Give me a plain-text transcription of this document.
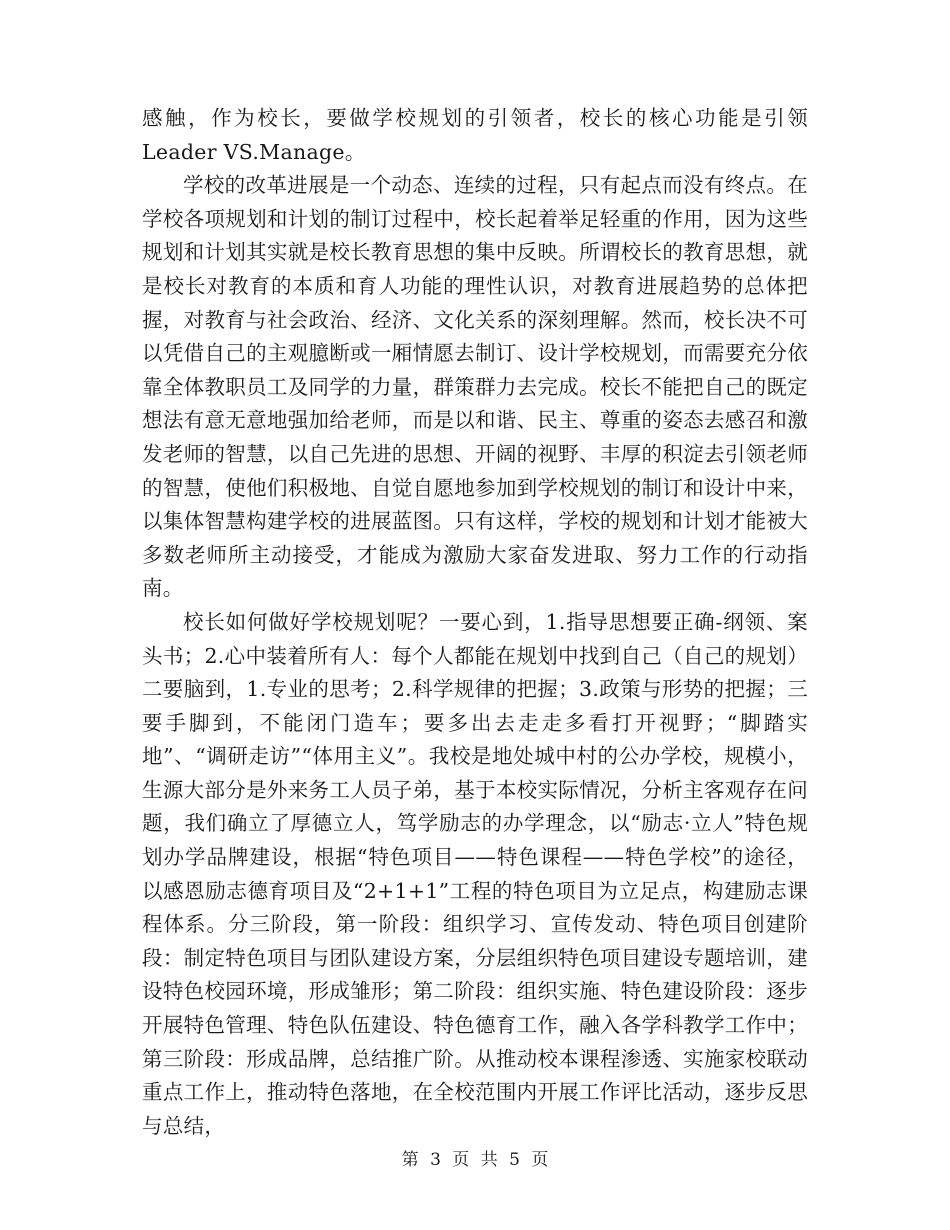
感触，作为校长，要做学校规划的引领者，校长的核心功能是引领Leader VS.Manage。

学校的改革进展是一个动态、连续的过程，只有起点而没有终点。在学校各项规划和计划的制订过程中，校长起着举足轻重的作用，因为这些规划和计划其实就是校长教育思想的集中反映。所谓校长的教育思想，就是校长对教育的本质和育人功能的理性认识，对教育进展趋势的总体把握，对教育与社会政治、经济、文化关系的深刻理解。然而，校长决不可以凭借自己的主观臆断或一厢情愿去制订、设计学校规划，而需要充分依靠全体教职员工及同学的力量，群策群力去完成。校长不能把自己的既定想法有意无意地强加给老师，而是以和谐、民主、尊重的姿态去感召和激发老师的智慧，以自己先进的思想、开阔的视野、丰厚的积淀去引领老师的智慧，使他们积极地、自觉自愿地参加到学校规划的制订和设计中来，以集体智慧构建学校的进展蓝图。只有这样，学校的规划和计划才能被大多数老师所主动接受，才能成为激励大家奋发进取、努力工作的行动指南。

校长如何做好学校规划呢？一要心到，1.指导思想要正确-纲领、案头书；2.心中装着所有人：每个人都能在规划中找到自己（自己的规划）二要脑到，1.专业的思考；2.科学规律的把握；3.政策与形势的把握；三要手脚到，不能闭门造车；要多出去走走多看打开视野；“脚踏实地”、“调研走访”“体用主义”。我校是地处城中村的公办学校，规模小，生源大部分是外来务工人员子弟，基于本校实际情况，分析主客观存在问题，我们确立了厚德立人，笃学励志的办学理念，以“励志·立人”特色规划办学品牌建设，根据“特色项目——特色课程——特色学校”的途径，以感恩励志德育项目及“2+1+1”工程的特色项目为立足点，构建励志课程体系。分三阶段，第一阶段：组织学习、宣传发动、特色项目创建阶段：制定特色项目与团队建设方案，分层组织特色项目建设专题培训，建设特色校园环境，形成雏形；第二阶段：组织实施、特色建设阶段：逐步开展特色管理、特色队伍建设、特色德育工作，融入各学科教学工作中； 第三阶段：形成品牌，总结推广阶。从推动校本课程渗透、实施家校联动重点工作上，推动特色落地，在全校范围内开展工作评比活动，逐步反思与总结，

第 3 页 共 5 页
